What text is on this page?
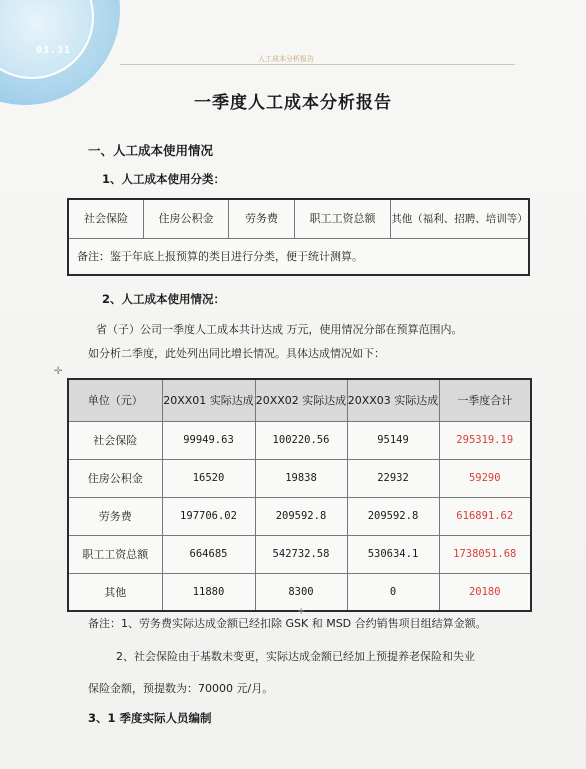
03.31
人工成本分析报告
一季度人工成本分析报告
一、人工成本使用情况
1、人工成本使用分类：
社会保险	住房公积金	劳务费	职工工资总额	其他（福利、招聘、培训等）
备注：鉴于年底上报预算的类目进行分类，便于统计测算。
2、人工成本使用情况：
省（子）公司一季度人工成本共计达成 万元，使用情况分部在预算范围内。
如分析二季度，此处列出同比增长情况。具体达成情况如下：
✛
单位（元）	20XX01 实际达成	20XX02 实际达成	20XX03 实际达成	一季度合计
社会保险	99949.63	100220.56	95149	295319.19
住房公积金	16520	19838	22932	59290
劳务费	197706.02	209592.8	209592.8	616891.62
职工工资总额	664685	542732.58	530634.1	1738051.68
其他	11880	8300	0	20180
+
备注：1、劳务费实际达成金额已经扣除 GSK 和 MSD 合约销售项目组结算金额。
2、社会保险由于基数未变更，实际达成金额已经加上预提养老保险和失业
保险金额，预提数为：70000 元/月。
3、1 季度实际人员编制
